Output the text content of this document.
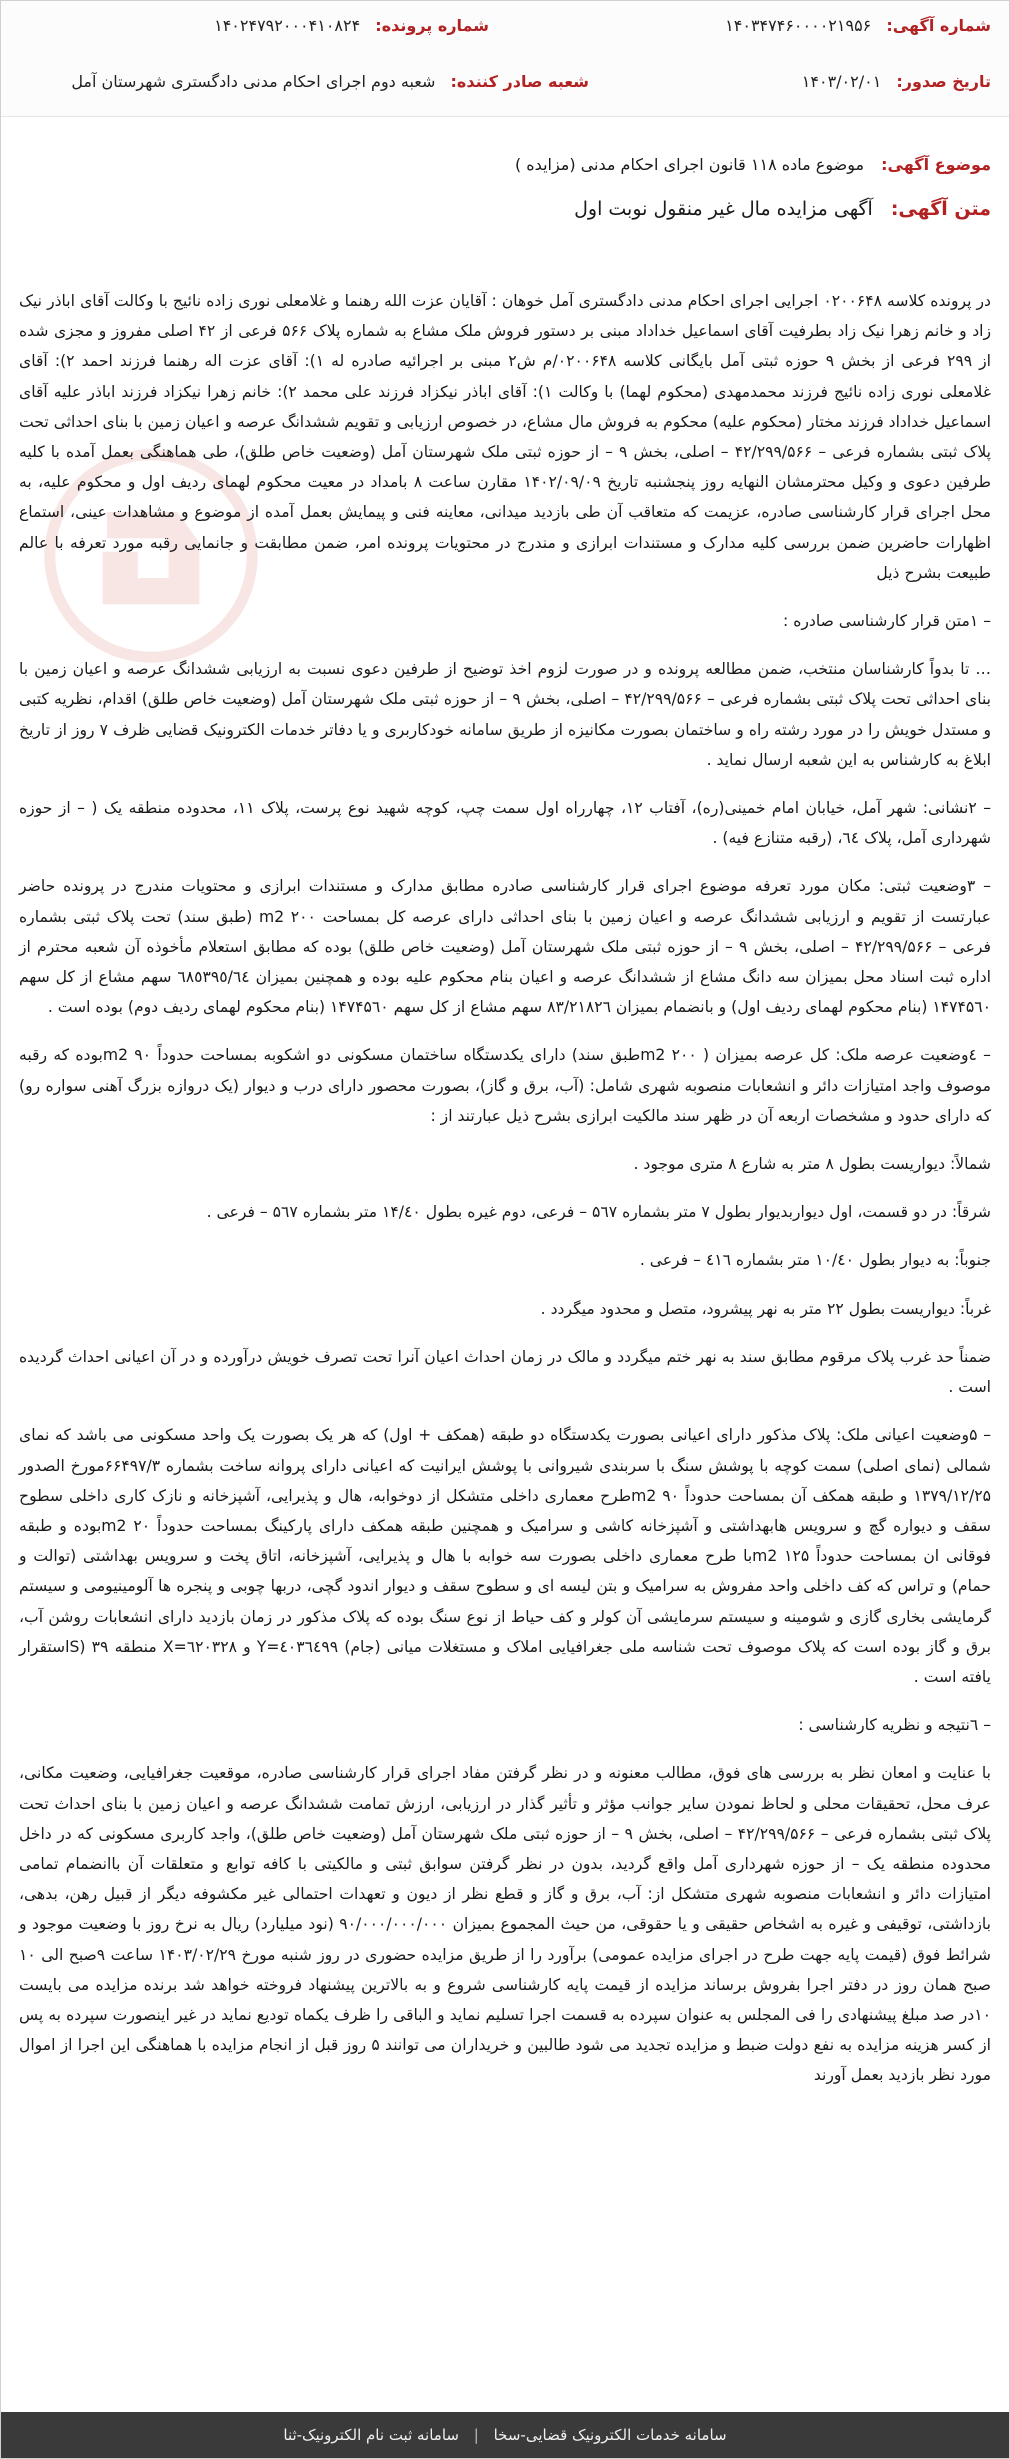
شماره آگهی: ۱۴۰۳۴۷۴۶۰۰۰۰۲۱۹۵۶
شماره پرونده: ۱۴۰۲۴۷۹۲۰۰۰۴۱۰۸۲۴
تاریخ صدور: ۱۴۰۳/۰۲/۰۱
شعبه صادر کننده: شعبه دوم اجرای احکام مدنی دادگستری شهرستان آمل
موضوع آگهی: موضوع ماده ۱۱۸ قانون اجرای احکام مدنی (مزایده )
متن آگهی: آگهی مزایده مال غیر منقول نوبت اول

در پرونده کلاسه ۰۲۰۰۶۴۸ اجرایی اجرای احکام مدنی دادگستری آمل خوهان : آقایان عزت الله رهنما و غلامعلی نوری زاده نائیج با وکالت آقای اباذر نیک زاد و خانم زهرا نیک زاد بطرفیت آقای اسماعیل خداداد مبنی بر دستور فروش ملک مشاع به شماره پلاک ۵۶۶ فرعی از ۴۲ اصلی مفروز و مجزی شده از ۲۹۹ فرعی از بخش ۹ حوزه ثبتی آمل بایگانی کلاسه ۰۲۰۰۶۴۸/م ش۲ مبنی بر اجرائیه صادره له ۱): آقای عزت اله رهنما فرزند احمد ۲): آقای غلامعلی نوری زاده نائیج فرزند محمدمهدی (محکوم لهما) با وکالت ۱): آقای اباذر نیکزاد فرزند علی محمد ۲): خانم زهرا نیکزاد فرزند اباذر علیه آقای اسماعیل خداداد فرزند مختار (محکوم علیه) محکوم به فروش مال مشاع، در خصوص ارزیابی و تقویم ششدانگ عرصه و اعیان زمین با بنای احداثی تحت پلاک ثبتی بشماره فرعی – ۴۲/۲۹۹/۵۶۶ – اصلی، بخش ۹ – از حوزه ثبتی ملک شهرستان آمل (وضعیت خاص طلق)، طی هماهنگی بعمل آمده با کلیه طرفین دعوی و وکیل محترمشان النهایه روز پنجشنبه تاریخ ۱۴۰۲/۰۹/۰۹ مقارن ساعت ۸ بامداد در معیت محکوم لهمای ردیف اول و محکوم علیه، به محل اجرای قرار کارشناسی صادره، عزیمت که متعاقب آن طی بازدید میدانی، معاینه فنی و پیمایش بعمل آمده از موضوع و مشاهدات عینی، استماع اظهارات حاضرین ضمن بررسی کلیه مدارک و مستندات ابرازی و مندرج در محتویات پرونده امر، ضمن مطابقت و جانمایی رقبه مورد تعرفه با عالم طبیعت بشرح ذیل

– ۱متن قرار کارشناسی صادره :

… تا بدواً کارشناسان منتخب، ضمن مطالعه پرونده و در صورت لزوم اخذ توضیح از طرفین دعوی نسبت به ارزیابی ششدانگ عرصه و اعیان زمین با بنای احداثی تحت پلاک ثبتی بشماره فرعی – ۴۲/۲۹۹/۵۶۶ – اصلی، بخش ۹ – از حوزه ثبتی ملک شهرستان آمل (وضعیت خاص طلق) اقدام، نظریه کتبی و مستدل خویش را در مورد رشته راه و ساختمان بصورت مکانیزه از طریق سامانه خودکاربری و یا دفاتر خدمات الکترونیک قضایی ظرف ۷ روز از تاریخ ابلاغ به کارشناس به این شعبه ارسال نماید .

– ۲نشانی: شهر آمل، خیابان امام خمینی(ره)، آفتاب ۱۲، چهارراه اول سمت چپ، کوچه شهید نوع پرست، پلاک ۱۱، محدوده منطقه یک ( – از حوزه شهرداری آمل، پلاک ٦٤، (رقبه متنازع فیه) .

– ۳وضعیت ثبتی: مکان مورد تعرفه موضوع اجرای قرار کارشناسی صادره مطابق مدارک و مستندات ابرازی و محتویات مندرج در پرونده حاضر عبارتست از تقویم و ارزیابی ششدانگ عرصه و اعیان زمین با بنای احداثی دارای عرصه کل بمساحت m2 ۲۰۰ (طبق سند) تحت پلاک ثبتی بشماره فرعی – ۴۲/۲۹۹/۵۶۶ – اصلی، بخش ۹ – از حوزه ثبتی ملک شهرستان آمل (وضعیت خاص طلق) بوده که مطابق استعلام مأخوذه آن شعبه محترم از اداره ثبت اسناد محل بمیزان سه دانگ مشاع از ششدانگ عرصه و اعیان بنام محکوم علیه بوده و همچنین بمیزان ٦٨٥٣٩٥/٦٤ سهم مشاع از کل سهم ۱۴۷۴۵٦۰ (بنام محکوم لهمای ردیف اول) و بانضمام بمیزان ۸۳/۲۱۸۲٦ سهم مشاع از کل سهم ۱۴۷۴۵٦۰ (بنام محکوم لهمای ردیف دوم) بوده است .

– ٤وضعیت عرصه ملک: کل عرصه بمیزان ( m2 ۲۰۰طبق سند) دارای یکدستگاه ساختمان مسکونی دو اشکوبه بمساحت حدوداً m2 ۹۰بوده که رقبه موصوف واجد امتیازات دائر و انشعابات منصوبه شهری شامل: (آب، برق و گاز)، بصورت محصور دارای درب و دیوار (یک دروازه بزرگ آهنی سواره رو) که دارای حدود و مشخصات اربعه آن در ظهر سند مالکیت ابرازی بشرح ذیل عبارتند از :

شمالاً: دیواریست بطول ۸ متر به شارع ۸ متری موجود .

شرقاً: در دو قسمت، اول دیواربدیوار بطول ۷ متر بشماره ۵٦۷ – فرعی، دوم غیره بطول ۱۴/٤۰ متر بشماره ۵٦۷ – فرعی .

جنوباً: به دیوار بطول ۱۰/٤۰ متر بشماره ٤۱٦ – فرعی .

غرباً: دیواریست بطول ۲۲ متر به نهر پیشرود، متصل و محدود میگردد .

ضمناً حد غرب پلاک مرقوم مطابق سند به نهر ختم میگردد و مالک در زمان احداث اعیان آنرا تحت تصرف خویش درآورده و در آن اعیانی احداث گردیده است .

– ۵وضعیت اعیانی ملک: پلاک مذکور دارای اعیانی بصورت یکدستگاه دو طبقه (همکف + اول) که هر یک بصورت یک واحد مسکونی می باشد که نمای شمالی (نمای اصلی) سمت کوچه با پوشش سنگ با سربندی شیروانی با پوشش ایرانیت که اعیانی دارای پروانه ساخت بشماره ۶۶۴۹۷/۳مورخ الصدور ۱۳۷۹/۱۲/۲۵ و طبقه همکف آن بمساحت حدوداً m2 ۹۰طرح معماری داخلی متشکل از دوخوابه، هال و پذیرایی، آشپزخانه و نازک کاری داخلی سطوح سقف و دیواره گچ و سرویس هابهداشتی و آشپزخانه کاشی و سرامیک و همچنین طبقه همکف دارای پارکینگ بمساحت حدوداً m2 ۲۰بوده و طبقه فوقانی ان بمساحت حدوداً m2 ۱۲۵با طرح معماری داخلی بصورت سه خوابه با هال و پذیرایی، آشپزخانه، اتاق پخت و سرویس بهداشتی (توالت و حمام) و تراس که کف داخلی واحد مفروش به سرامیک و بتن لیسه ای و سطوح سقف و دیوار اندود گچی، دربها چوبی و پنجره ها آلومینیومی و سیستم گرمایشی بخاری گازی و شومینه و سیستم سرمایشی آن کولر و کف حیاط از نوع سنگ بوده که پلاک مذکور در زمان بازدید دارای انشعابات روشن آب، برق و گاز بوده است که پلاک موصوف تحت شناسه ملی جغرافیایی املاک و مستغلات میانی (جام) ٤۰۳٦٤۹۹=Y و ٦۲۰۳۲۸=X منطقه ۳۹ (Sاستقرار یافته است .

– ٦نتیجه و نظریه کارشناسی :

با عنایت و امعان نظر به بررسی های فوق، مطالب معنونه و در نظر گرفتن مفاد اجرای قرار کارشناسی صادره، موقعیت جغرافیایی، وضعیت مکانی، عرف محل، تحقیقات محلی و لحاظ نمودن سایر جوانب مؤثر و تأثیر گذار در ارزیابی، ارزش تمامت ششدانگ عرصه و اعیان زمین با بنای احداث تحت پلاک ثبتی بشماره فرعی – ۴۲/۲۹۹/۵۶۶ – اصلی، بخش ۹ – از حوزه ثبتی ملک شهرستان آمل (وضعیت خاص طلق)، واجد کاربری مسکونی که در داخل محدوده منطقه یک – از حوزه شهرداری آمل واقع گردید، بدون در نظر گرفتن سوابق ثبتی و مالکیتی با کافه توابع و متعلقات آن باانضمام تمامی امتیازات دائر و انشعابات منصوبه شهری متشکل از: آب، برق و گاز و قطع نظر از دیون و تعهدات احتمالی غیر مکشوفه دیگر از قبیل رهن، بدهی، بازداشتی، توقیفی و غیره به اشخاص حقیقی و یا حقوقی، من حیث المجموع بمیزان ۹۰/۰۰۰/۰۰۰/۰۰۰ (نود میلیارد) ریال به نرخ روز با وضعیت موجود و شرائط فوق (قیمت پایه جهت طرح در اجرای مزایده عمومی) برآورد را از طریق مزایده حضوری در روز شنبه مورخ ۱۴۰۳/۰۲/۲۹ ساعت ۹صبح الی ۱۰ صبح همان روز در دفتر اجرا بفروش برساند مزایده از قیمت پایه کارشناسی شروع و به بالاترین پیشنهاد فروخته خواهد شد برنده مزایده می بایست ۱۰در صد مبلغ پیشنهادی را فی المجلس به عنوان سپرده به قسمت اجرا تسلیم نماید و الباقی را ظرف یکماه تودیع نماید در غیر اینصورت سپرده به پس از کسر هزینه مزایده به نفع دولت ضبط و مزایده تجدید می شود طالبین و خریداران می توانند ۵ روز قبل از انجام مزایده با هماهنگی این اجرا از اموال مورد نظر بازدید بعمل آورند

سامانه خدمات الکترونیک قضایی-سخا | سامانه ثبت نام الکترونیک-ثنا
